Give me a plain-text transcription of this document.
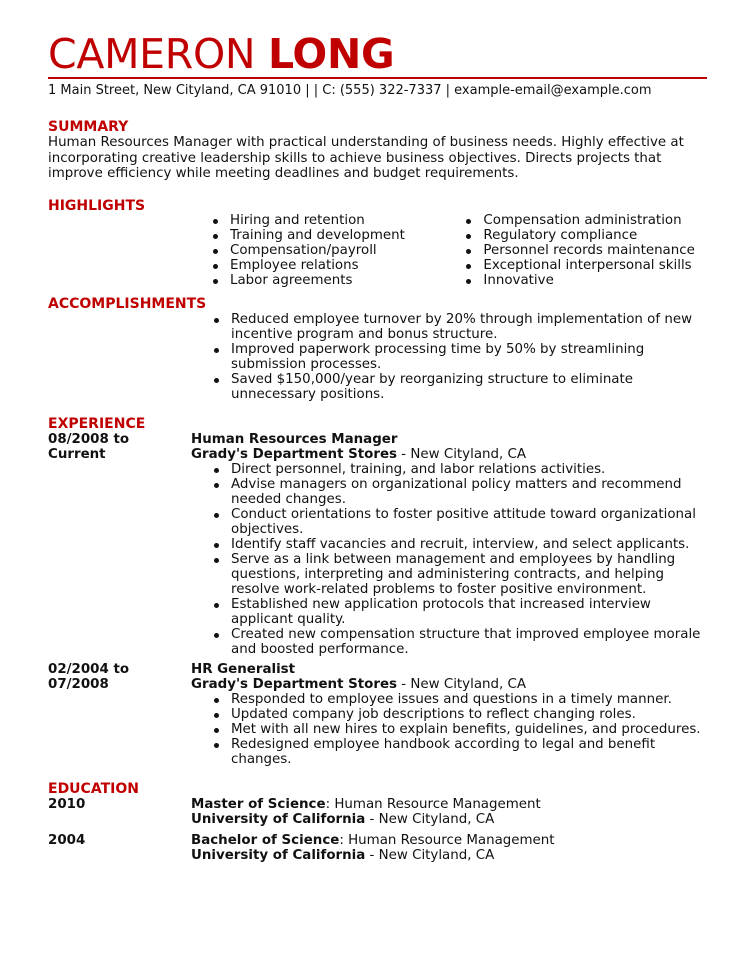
CAMERON LONG
1 Main Street, New Cityland, CA 91010 | | C: (555) 322-7337 | example-email@example.com
SUMMARY
Human Resources Manager with practical understanding of business needs. Highly effective at incorporating creative leadership skills to achieve business objectives. Directs projects that improve efficiency while meeting deadlines and budget requirements.
HIGHLIGHTS
Hiring and retention
Training and development
Compensation/payroll
Employee relations
Labor agreements
Compensation administration
Regulatory compliance
Personnel records maintenance
Exceptional interpersonal skills
Innovative
ACCOMPLISHMENTS
Reduced employee turnover by 20% through implementation of new incentive program and bonus structure.
Improved paperwork processing time by 50% by streamlining submission processes.
Saved $150,000/year by reorganizing structure to eliminate unnecessary positions.
EXPERIENCE
08/2008 to Current
Human Resources Manager
Grady's Department Stores - New Cityland, CA
Direct personnel, training, and labor relations activities.
Advise managers on organizational policy matters and recommend needed changes.
Conduct orientations to foster positive attitude toward organizational objectives.
Identify staff vacancies and recruit, interview, and select applicants.
Serve as a link between management and employees by handling questions, interpreting and administering contracts, and helping resolve work-related problems to foster positive environment.
Established new application protocols that increased interview applicant quality.
Created new compensation structure that improved employee morale and boosted performance.
02/2004 to 07/2008
HR Generalist
Grady's Department Stores - New Cityland, CA
Responded to employee issues and questions in a timely manner.
Updated company job descriptions to reflect changing roles.
Met with all new hires to explain benefits, guidelines, and procedures.
Redesigned employee handbook according to legal and benefit changes.
EDUCATION
2010	Master of Science: Human Resource Management
University of California - New Cityland, CA
2004	Bachelor of Science: Human Resource Management
University of California - New Cityland, CA
